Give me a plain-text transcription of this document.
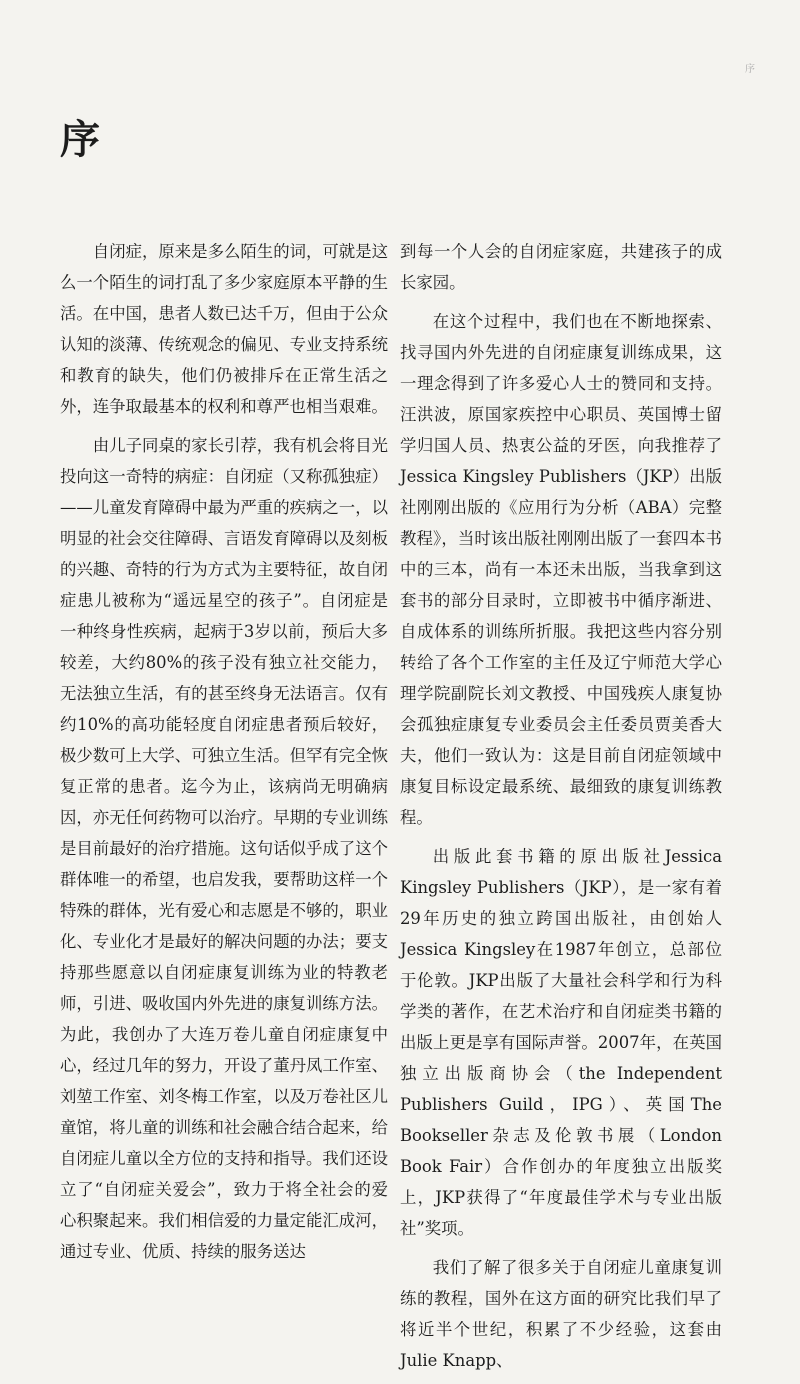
序
序

自闭症，原来是多么陌生的词，可就是这么一个陌生的词打乱了多少家庭原本平静的生活。在中国，患者人数已达千万，但由于公众认知的淡薄、传统观念的偏见、专业支持系统和教育的缺失，他们仍被排斥在正常生活之外，连争取最基本的权利和尊严也相当艰难。

由儿子同桌的家长引荐，我有机会将目光投向这一奇特的病症：自闭症（又称孤独症）——儿童发育障碍中最为严重的疾病之一，以明显的社会交往障碍、言语发育障碍以及刻板的兴趣、奇特的行为方式为主要特征，故自闭症患儿被称为“遥远星空的孩子”。自闭症是一种终身性疾病，起病于3岁以前，预后大多较差，大约80%的孩子没有独立社交能力，无法独立生活，有的甚至终身无法语言。仅有约10%的高功能轻度自闭症患者预后较好，极少数可上大学、可独立生活。但罕有完全恢复正常的患者。迄今为止，该病尚无明确病因，亦无任何药物可以治疗。早期的专业训练是目前最好的治疗措施。这句话似乎成了这个群体唯一的希望，也启发我，要帮助这样一个特殊的群体，光有爱心和志愿是不够的，职业化、专业化才是最好的解决问题的办法；要支持那些愿意以自闭症康复训练为业的特教老师，引进、吸收国内外先进的康复训练方法。为此，我创办了大连万卷儿童自闭症康复中心，经过几年的努力，开设了董丹凤工作室、刘堃工作室、刘冬梅工作室，以及万卷社区儿童馆，将儿童的训练和社会融合结合起来，给自闭症儿童以全方位的支持和指导。我们还设立了“自闭症关爱会”，致力于将全社会的爱心积聚起来。我们相信爱的力量定能汇成河，通过专业、优质、持续的服务送达

到每一个人会的自闭症家庭，共建孩子的成长家园。

在这个过程中，我们也在不断地探索、找寻国内外先进的自闭症康复训练成果，这一理念得到了许多爱心人士的赞同和支持。汪洪波，原国家疾控中心职员、英国博士留学归国人员、热衷公益的牙医，向我推荐了Jessica Kingsley Publishers（JKP）出版社刚刚出版的《应用行为分析（ABA）完整教程》，当时该出版社刚刚出版了一套四本书中的三本，尚有一本还未出版，当我拿到这套书的部分目录时，立即被书中循序渐进、自成体系的训练所折服。我把这些内容分别转给了各个工作室的主任及辽宁师范大学心理学院副院长刘文教授、中国残疾人康复协会孤独症康复专业委员会主任委员贾美香大夫，他们一致认为：这是目前自闭症领域中康复目标设定最系统、最细致的康复训练教程。

出版此套书籍的原出版社Jessica Kingsley Publishers（JKP），是一家有着29年历史的独立跨国出版社，由创始人Jessica Kingsley在1987年创立，总部位于伦敦。JKP出版了大量社会科学和行为科学类的著作，在艺术治疗和自闭症类书籍的出版上更是享有国际声誉。2007年，在英国独立出版商协会（the Independent Publishers Guild，IPG）、英国The Bookseller杂志及伦敦书展（London Book Fair）合作创办的年度独立出版奖上，JKP获得了“年度最佳学术与专业出版社”奖项。

我们了解了很多关于自闭症儿童康复训练的教程，国外在这方面的研究比我们早了将近半个世纪，积累了不少经验，这套由Julie Knapp、
